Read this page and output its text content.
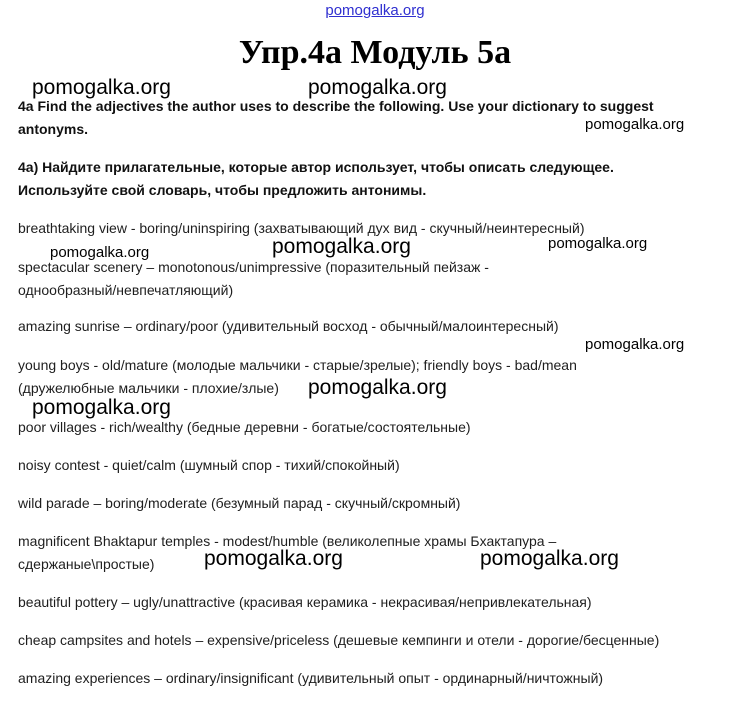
pomogalka.org
Упр.4a Модуль 5a
4a Find the adjectives the author uses to describe the following. Use your dictionary to suggest
antonyms.
4a) Найдите прилагательные, которые автор использует, чтобы описать следующее.
Используйте свой словарь, чтобы предложить антонимы.
breathtaking view - boring/uninspiring (захватывающий дух вид - скучный/неинтересный)
spectacular scenery – monotonous/unimpressive (поразительный пейзаж -
однообразный/невпечатляющий)
amazing sunrise – ordinary/poor (удивительный восход - обычный/малоинтересный)
young boys - old/mature (молодые мальчики - старые/зрелые); friendly boys - bad/mean
(дружелюбные мальчики - плохие/злые)
poor villages - rich/wealthy (бедные деревни - богатые/состоятельные)
noisy contest - quiet/calm (шумный спор - тихий/спокойный)
wild parade – boring/moderate (безумный парад - скучный/скромный)
magnificent Bhaktapur temples - modest/humble (великолепные храмы Бхактапура –
сдержаные\простые)
beautiful pottery – ugly/unattractive (красивая керамика - некрасивая/непривлекательная)
cheap campsites and hotels – expensive/priceless (дешевые кемпинги и отели - дорогие/бесценные)
amazing experiences – ordinary/insignificant (удивительный опыт - ординарный/ничтожный)
pomogalka.org	pomogalka.org
pomogalka.org
pomogalka.org	pomogalka.org	pomogalka.org
pomogalka.org
pomogalka.org
pomogalka.org
pomogalka.org	pomogalka.org
